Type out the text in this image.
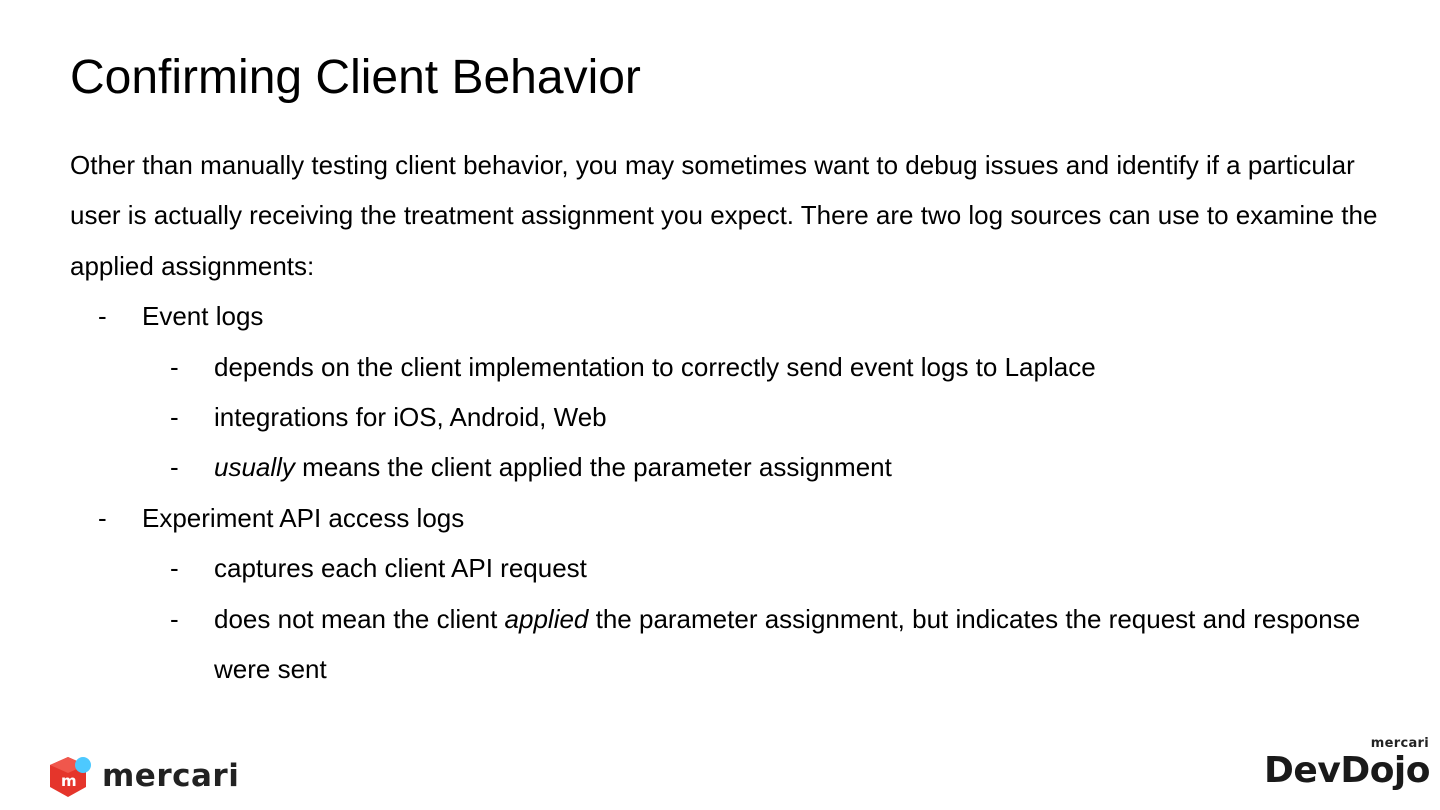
Confirming Client Behavior

Other than manually testing client behavior, you may sometimes want to debug issues and identify if a particular user is actually receiving the treatment assignment you expect. There are two log sources can use to examine the applied assignments:

- Event logs
- depends on the client implementation to correctly send event logs to Laplace
- integrations for iOS, Android, Web
- usually means the client applied the parameter assignment
- Experiment API access logs
- captures each client API request
- does not mean the client applied the parameter assignment, but indicates the request and response were sent
m mercari
mercari
DevDojo
